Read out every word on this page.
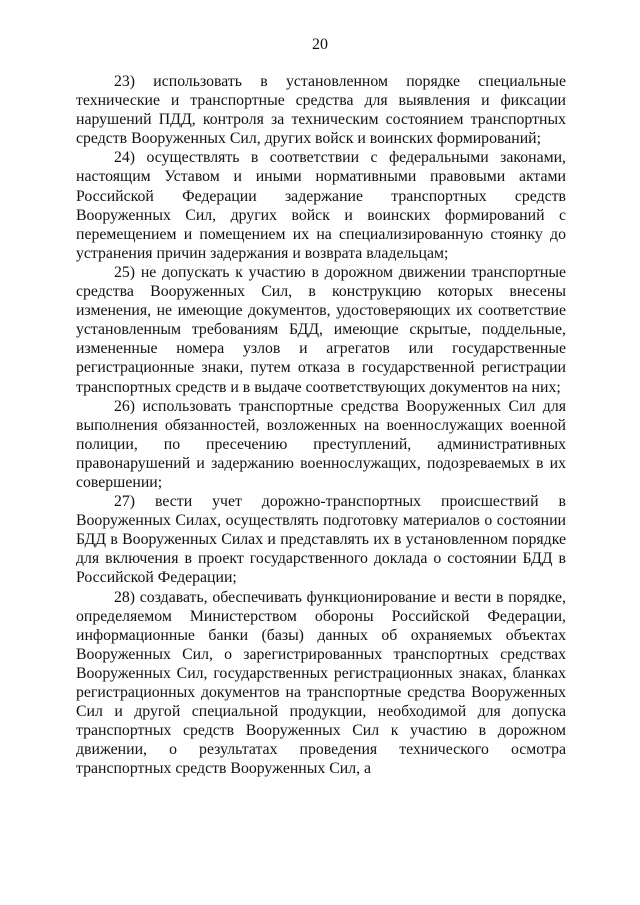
20

23) использовать в установленном порядке специальные технические и транспортные средства для выявления и фиксации нарушений ПДД, контроля за техническим состоянием транспортных средств Вооруженных Сил, других войск и воинских формирований;

24) осуществлять в соответствии с федеральными законами, настоящим Уставом и иными нормативными правовыми актами Российской Федерации задержание транспортных средств Вооруженных Сил, других войск и воинских формирований с перемещением и помещением их на специализированную стоянку до устранения причин задержания и возврата владельцам;

25) не допускать к участию в дорожном движении транспортные средства Вооруженных Сил, в конструкцию которых внесены изменения, не имеющие документов, удостоверяющих их соответствие установленным требованиям БДД, имеющие скрытые, поддельные, измененные номера узлов и агрегатов или государственные регистрационные знаки, путем отказа в государственной регистрации транспортных средств и в выдаче соответствующих документов на них;

26) использовать транспортные средства Вооруженных Сил для выполнения обязанностей, возложенных на военнослужащих военной полиции, по пресечению преступлений, административных правонарушений и задержанию военнослужащих, подозреваемых в их совершении;

27) вести учет дорожно-транспортных происшествий в Вооруженных Силах, осуществлять подготовку материалов о состоянии БДД в Вооруженных Силах и представлять их в установленном порядке для включения в проект государственного доклада о состоянии БДД в Российской Федерации;

28) создавать, обеспечивать функционирование и вести в порядке, определяемом Министерством обороны Российской Федерации, информационные банки (базы) данных об охраняемых объектах Вооруженных Сил, о зарегистрированных транспортных средствах Вооруженных Сил, государственных регистрационных знаках, бланках регистрационных документов на транспортные средства Вооруженных Сил и другой специальной продукции, необходимой для допуска транспортных средств Вооруженных Сил к участию в дорожном движении, о результатах проведения технического осмотра транспортных средств Вооруженных Сил, а
